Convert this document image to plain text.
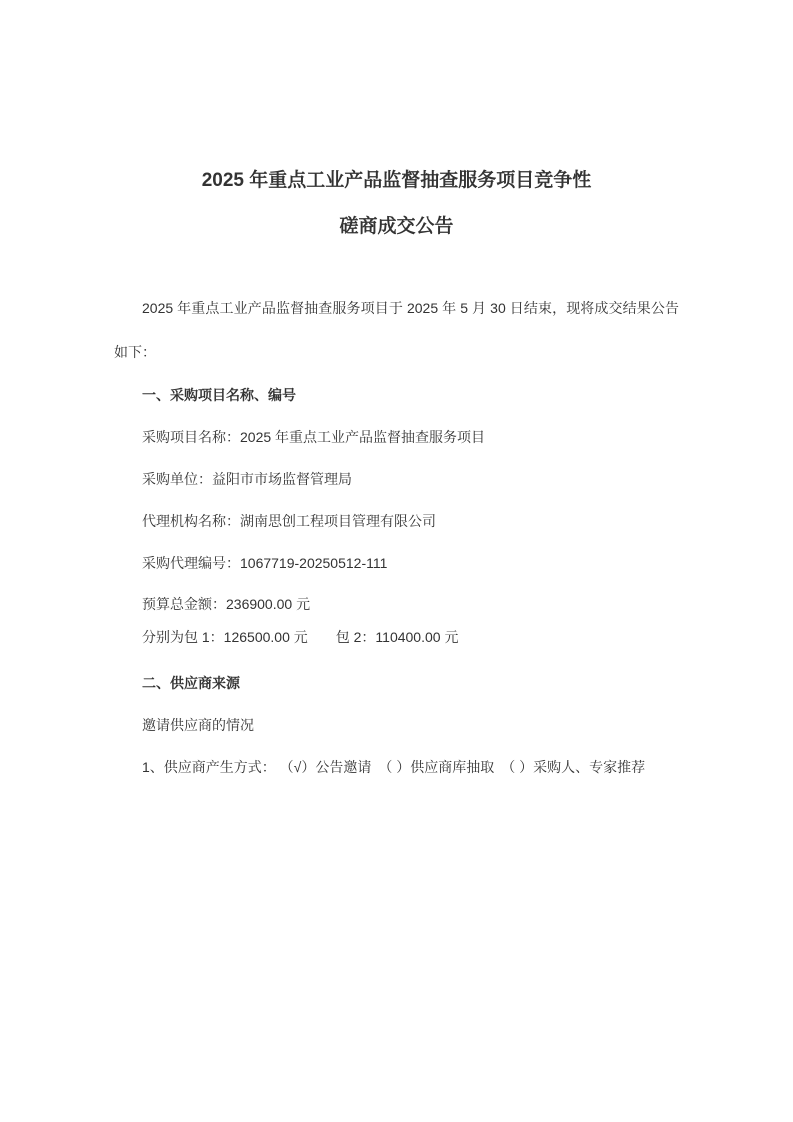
2025 年重点工业产品监督抽查服务项目竞争性
磋商成交公告

2025 年重点工业产品监督抽查服务项目于 2025 年 5 月 30 日结束，现将成交结果公告如下：

一、采购项目名称、编号

采购项目名称：2025 年重点工业产品监督抽查服务项目

采购单位：益阳市市场监督管理局

代理机构名称：湖南思创工程项目管理有限公司

采购代理编号：1067719-20250512-111

预算总金额：236900.00 元

分别为包 1：126500.00 元　　包 2：110400.00 元

二、供应商来源

邀请供应商的情况

1、供应商产生方式： （√）公告邀请　（ ）供应商库抽取　（ ）采购人、专家推荐
